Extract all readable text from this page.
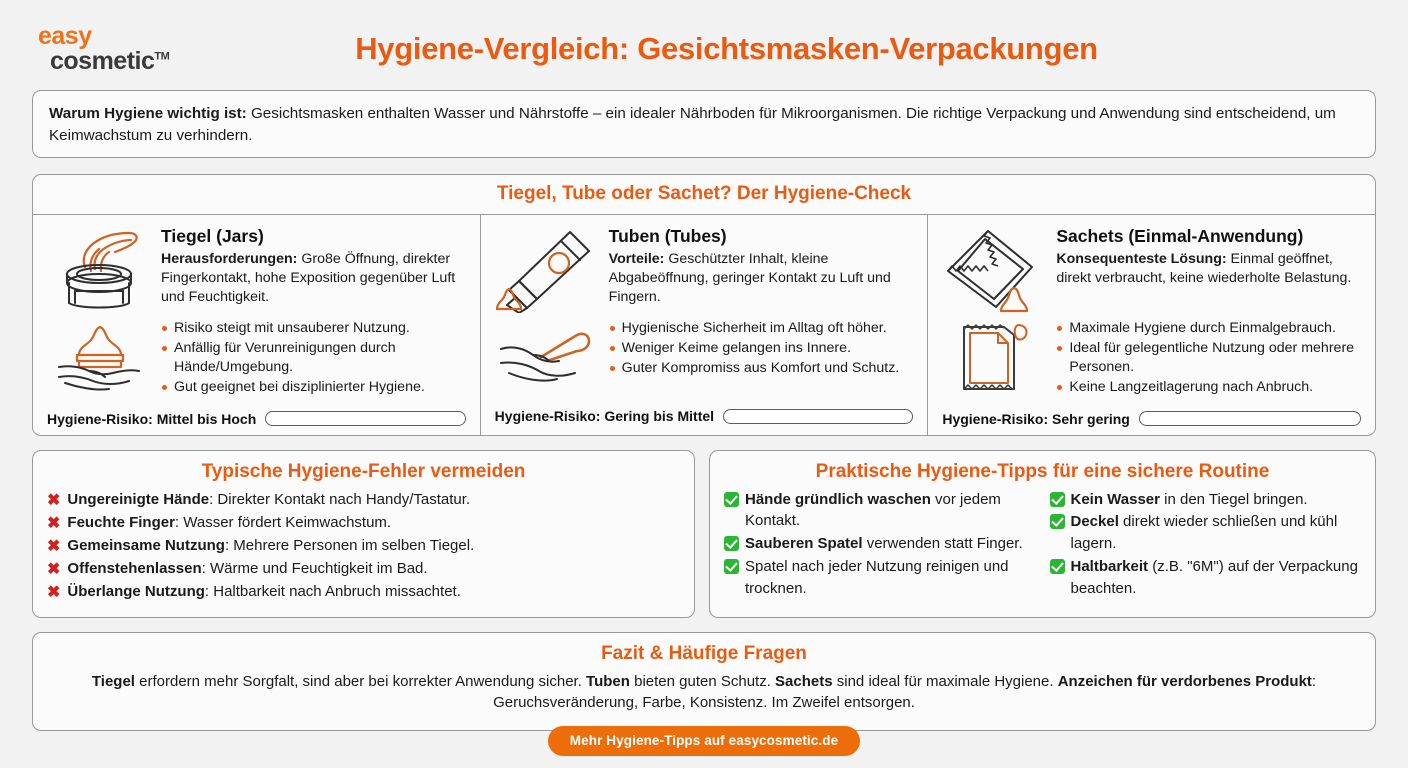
easy
cosmetic™	Hygiene-Vergleich: Gesichtsmasken-Verpackungen
Warum Hygiene wichtig ist: Gesichtsmasken enthalten Wasser und Nährstoffe – ein idealer Nährboden für Mikroorganismen. Die richtige Verpackung und Anwendung sind entscheidend, um Keimwachstum zu verhindern.
Tiegel, Tube oder Sachet? Der Hygiene-Check
Tiegel (Jars)
Herausforderungen: Gro8e Öffnung, direkter Fingerkontakt, hohe Exposition gegenüber Luft und Feuchtigkeit.
Risiko steigt mit unsauberer Nutzung.
Anfällig für Verunreinigungen durch Hände/Umgebung.
Gut geeignet bei disziplinierter Hygiene.
Hygiene-Risiko: Mittel bis Hoch
Tuben (Tubes)
Vorteile: Geschützter Inhalt, kleine Abgabeöffnung, geringer Kontakt zu Luft und Fingern.
Hygienische Sicherheit im Alltag oft höher.
Weniger Keime gelangen ins Innere.
Guter Kompromiss aus Komfort und Schutz.
Hygiene-Risiko: Gering bis Mittel
Sachets (Einmal-Anwendung)
Konsequenteste Lösung: Einmal geöffnet, direkt verbraucht, keine wiederholte Belastung.
Maximale Hygiene durch Einmalgebrauch.
Ideal für gelegentliche Nutzung oder mehrere Personen.
Keine Langzeitlagerung nach Anbruch.
Hygiene-Risiko: Sehr gering
Typische Hygiene-Fehler vermeiden
✖ Ungereinigte Hände: Direkter Kontakt nach Handy/Tastatur.
✖ Feuchte Finger: Wasser fördert Keimwachstum.
✖ Gemeinsame Nutzung: Mehrere Personen im selben Tiegel.
✖ Offenstehenlassen: Wärme und Feuchtigkeit im Bad.
✖ Überlange Nutzung: Haltbarkeit nach Anbruch missachtet.
Praktische Hygiene-Tipps für eine sichere Routine
Hände gründlich waschen vor jedem Kontakt.
Sauberen Spatel verwenden statt Finger.
Spatel nach jeder Nutzung reinigen und trocknen.
Kein Wasser in den Tiegel bringen.
Deckel direkt wieder schließen und kühl lagern.
Haltbarkeit (z.B. "6M") auf der Verpackung beachten.
Fazit & Häufige Fragen
Tiegel erfordern mehr Sorgfalt, sind aber bei korrekter Anwendung sicher. Tuben bieten guten Schutz. Sachets sind ideal für maximale Hygiene. Anzeichen für verdorbenes Produkt: Geruchsveränderung, Farbe, Konsistenz. Im Zweifel entsorgen.
Mehr Hygiene-Tipps auf easycosmetic.de
